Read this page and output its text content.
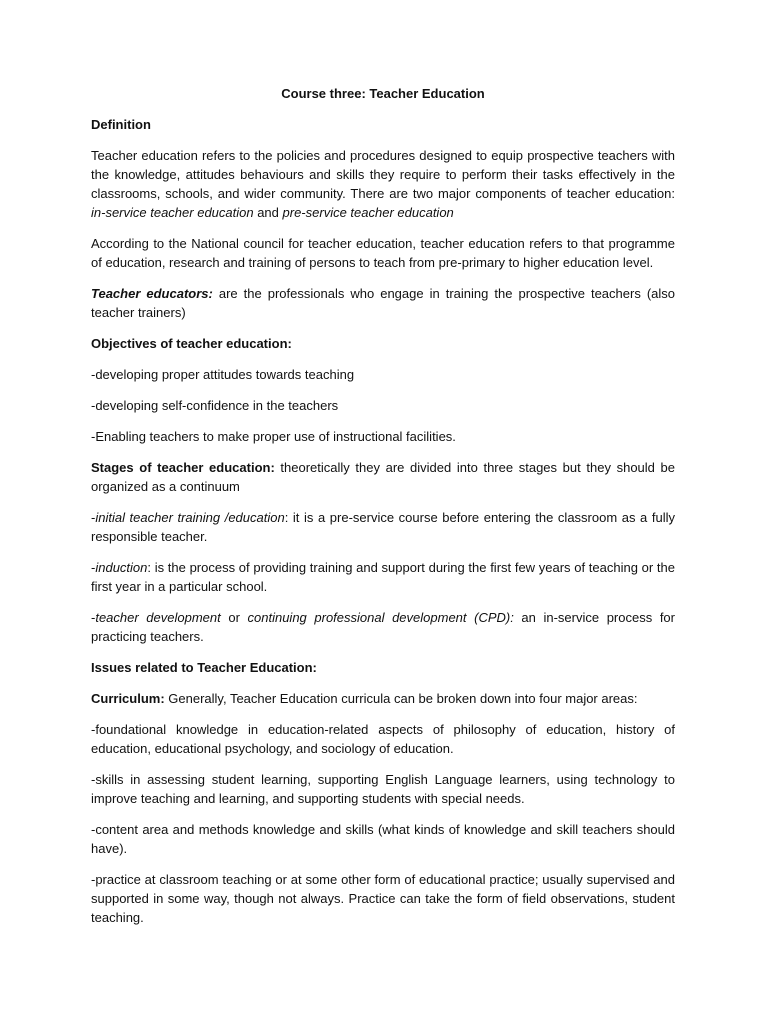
Course three: Teacher Education

Definition

Teacher education refers to the policies and procedures designed to equip prospective teachers with the knowledge, attitudes behaviours and skills they require to perform their tasks effectively in the classrooms, schools, and wider community. There are two major components of teacher education: in-service teacher education and pre-service teacher education

According to the National council for teacher education, teacher education refers to that programme of education, research and training of persons to teach from pre-primary to higher education level.

Teacher educators: are the professionals who engage in training the prospective teachers (also teacher trainers)

Objectives of teacher education:

-developing proper attitudes towards teaching

-developing self-confidence in the teachers

-Enabling teachers to make proper use of instructional facilities.

Stages of teacher education: theoretically they are divided into three stages but they should be organized as a continuum

-initial teacher training /education: it is a pre-service course before entering the classroom as a fully responsible teacher.

-induction: is the process of providing training and support during the first few years of teaching or the first year in a particular school.

-teacher development or continuing professional development (CPD): an in-service process for practicing teachers.

Issues related to Teacher Education:

Curriculum: Generally, Teacher Education curricula can be broken down into four major areas:

-foundational knowledge in education-related aspects of philosophy of education, history of education, educational psychology, and sociology of education.

-skills in assessing student learning, supporting English Language learners, using technology to improve teaching and learning, and supporting students with special needs.

-content area and methods knowledge and skills (what kinds of knowledge and skill teachers should have).

-practice at classroom teaching or at some other form of educational practice; usually supervised and supported in some way, though not always. Practice can take the form of field observations, student teaching.
